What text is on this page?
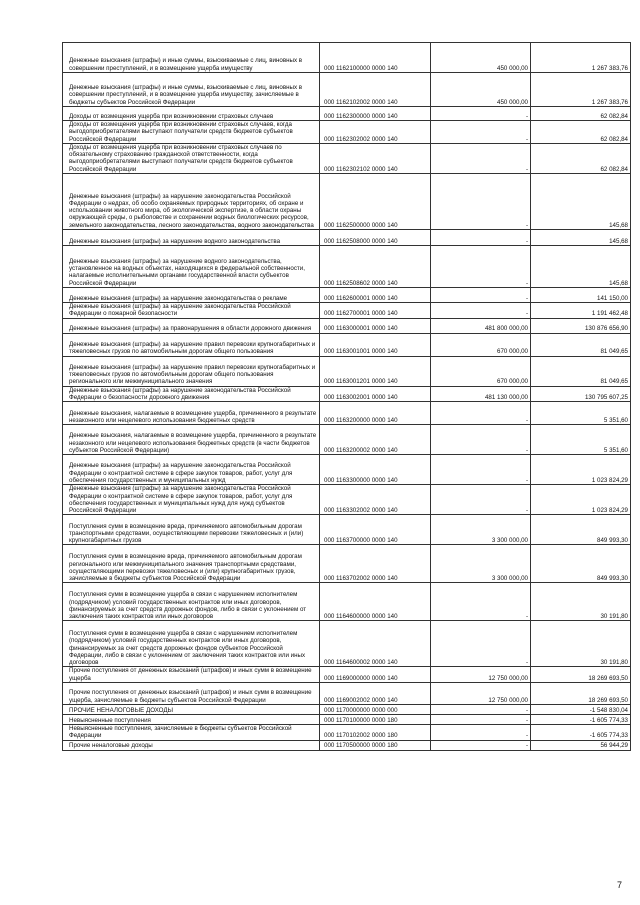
Денежные взыскания (штрафы) и иные суммы, взыскиваемые с лиц, виновных в совершении преступлений, и в возмещение ущерба имуществу	000 1162100000 0000 140	450 000,00	1 267 383,76
Денежные взыскания (штрафы) и иные суммы, взыскиваемые с лиц, виновных в совершении преступлений, и в возмещение ущерба имуществу, зачисляемые в бюджеты субъектов Российской Федерации	000 1162102002 0000 140	450 000,00	1 267 383,76
Доходы от возмещения ущерба при возникновении страховых случаев	000 1162300000 0000 140	-	62 082,84
Доходы от возмещения ущерба при возникновении страховых случаев, когда выгодоприобретателями выступают получатели средств бюджетов субъектов Российской Федерации	000 1162302002 0000 140	-	62 082,84
Доходы от возмещения ущерба при возникновении страховых случаев по обязательному страхованию гражданской ответственности, когда выгодоприобретателями выступают получатели средств бюджетов субъектов Российской Федерации	000 1162302102 0000 140	-	62 082,84
Денежные взыскания (штрафы) за нарушение законодательства Российской Федерации о недрах, об особо охраняемых природных территориях, об охране и использовании животного мира, об экологической экспертизе, в области охраны окружающей среды, о рыболовстве и сохранении водных биологических ресурсов, земельного законодательства, лесного законодательства, водного законодательства	000 1162500000 0000 140	-	145,68
Денежные взыскания (штрафы) за нарушение водного законодательства	000 1162508000 0000 140	-	145,68
Денежные взыскания (штрафы) за нарушение водного законодательства, установленное на водных объектах, находящихся в федеральной собственности, налагаемые исполнительными органами государственной власти субъектов Российской Федерации	000 1162508602 0000 140	-	145,68
Денежные взыскания (штрафы) за нарушение законодательства о рекламе	000 1162600001 0000 140	-	141 150,00
Денежные взыскания (штрафы) за нарушение законодательства Российской Федерации о пожарной безопасности	000 1162700001 0000 140	-	1 191 462,48
Денежные взыскания (штрафы) за правонарушения в области дорожного движения	000 1163000001 0000 140	481 800 000,00	130 876 656,90
Денежные взыскания (штрафы) за нарушение правил перевозки крупногабаритных и тяжеловесных грузов по автомобильным дорогам общего пользования	000 1163001001 0000 140	670 000,00	81 049,65
Денежные взыскания (штрафы) за нарушение правил перевозки крупногабаритных и тяжеловесных грузов по автомобильным дорогам общего пользования регионального или межмуниципального значения	000 1163001201 0000 140	670 000,00	81 049,65
Денежные взыскания (штрафы) за нарушение законодательства Российской Федерации о безопасности дорожного движения	000 1163002001 0000 140	481 130 000,00	130 795 607,25
Денежные взыскания, налагаемые в возмещение ущерба, причиненного в результате незаконного или нецелевого использования бюджетных средств	000 1163200000 0000 140	-	5 351,60
Денежные взыскания, налагаемые в возмещение ущерба, причиненного в результате незаконного или нецелевого использования бюджетных средств (в части бюджетов субъектов Российской Федерации)	000 1163200002 0000 140	-	5 351,60
Денежные взыскания (штрафы) за нарушение законодательства Российской Федерации о контрактной системе в сфере закупок товаров, работ, услуг для обеспечения государственных и муниципальных нужд	000 1163300000 0000 140	-	1 023 824,29
Денежные взыскания (штрафы) за нарушение законодательства Российской Федерации о контрактной системе в сфере закупок товаров, работ, услуг для обеспечения государственных и муниципальных нужд для нужд субъектов Российской Федерации	000 1163302002 0000 140	-	1 023 824,29
Поступления сумм в возмещение вреда, причиняемого автомобильным дорогам транспортными средствами, осуществляющими перевозки тяжеловесных и (или) крупногабаритных грузов	000 1163700000 0000 140	3 300 000,00	849 993,30
Поступления сумм в возмещение вреда, причиняемого автомобильным дорогам регионального или межмуниципального значения транспортными средствами, осуществляющими перевозки тяжеловесных и (или) крупногабаритных грузов, зачисляемые в бюджеты субъектов Российской Федерации	000 1163702002 0000 140	3 300 000,00	849 993,30
Поступления сумм в возмещение ущерба в связи с нарушением исполнителем (подрядчиком) условий государственных контрактов или иных договоров, финансируемых за счет средств дорожных фондов, либо в связи с уклонением от заключения таких контрактов или иных договоров	000 1164600000 0000 140	-	30 191,80
Поступления сумм в возмещение ущерба в связи с нарушением исполнителем (подрядчиком) условий государственных контрактов или иных договоров, финансируемых за счет средств дорожных фондов субъектов Российской Федерации, либо в связи с уклонением от заключения таких контрактов или иных договоров	000 1164600002 0000 140	-	30 191,80
Прочие поступления от денежных взысканий (штрафов) и иных сумм в возмещение ущерба	000 1169000000 0000 140	12 750 000,00	18 269 693,50
Прочие поступления от денежных взысканий (штрафов) и иных сумм в возмещение ущерба, зачисляемые в бюджеты субъектов Российской Федерации	000 1169002002 0000 140	12 750 000,00	18 269 693,50
ПРОЧИЕ НЕНАЛОГОВЫЕ ДОХОДЫ	000 1170000000 0000 000	-	-1 548 830,04
Невыясненные поступления	000 1170100000 0000 180	-	-1 605 774,33
Невыясненные поступления, зачисляемые в бюджеты субъектов Российской Федерации	000 1170102002 0000 180	-	-1 605 774,33
Прочие неналоговые доходы	000 1170500000 0000 180	-	56 944,29
7
